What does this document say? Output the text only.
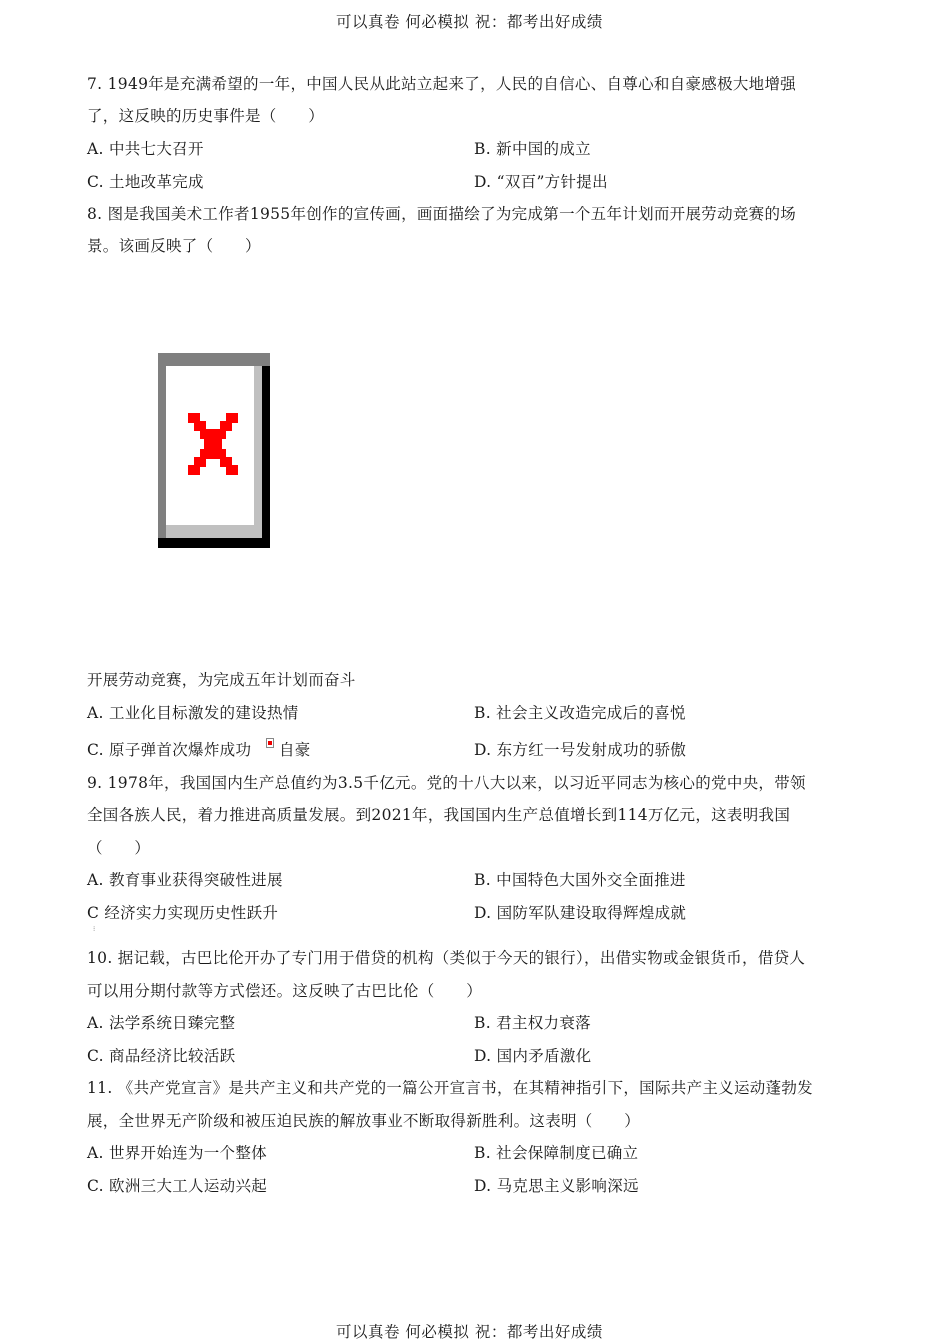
可以真卷 何必模拟 祝：都考出好成绩
7. 1949年是充满希望的一年，中国人民从此站立起来了，人民的自信心、自尊心和自豪感极大地增强
了，这反映的历史事件是（　　）
A. 中共七大召开	B. 新中国的成立
C. 土地改革完成	D. “双百”方针提出
8. 图是我国美术工作者1955年创作的宣传画，画面描绘了为完成第一个五年计划而开展劳动竞赛的场
景。该画反映了（　　）
开展劳动竞赛，为完成五年计划而奋斗
A. 工业化目标激发的建设热情	B. 社会主义改造完成后的喜悦
C. 原子弹首次爆炸成功 自豪	D. 东方红一号发射成功的骄傲
9. 1978年，我国国内生产总值约为3.5千亿元。党的十八大以来，以习近平同志为核心的党中央，带领
全国各族人民，着力推进高质量发展。到2021年，我国国内生产总值增长到114万亿元，这表明我国
（　　）
A. 教育事业获得突破性进展	B. 中国特色大国外交全面推进
C 经济实力实现历史性跃升	D. 国防军队建设取得辉煌成就
⁝
10. 据记载，古巴比伦开办了专门用于借贷的机构（类似于今天的银行），出借实物或金银货币，借贷人
可以用分期付款等方式偿还。这反映了古巴比伦（　　）
A. 法学系统日臻完整	B. 君主权力衰落
C. 商品经济比较活跃	D. 国内矛盾激化
11. 《共产党宣言》是共产主义和共产党的一篇公开宣言书，在其精神指引下，国际共产主义运动蓬勃发
展，全世界无产阶级和被压迫民族的解放事业不断取得新胜利。这表明（　　）
A. 世界开始连为一个整体	B. 社会保障制度已确立
C. 欧洲三大工人运动兴起	D. 马克思主义影响深远
可以真卷 何必模拟 祝：都考出好成绩
